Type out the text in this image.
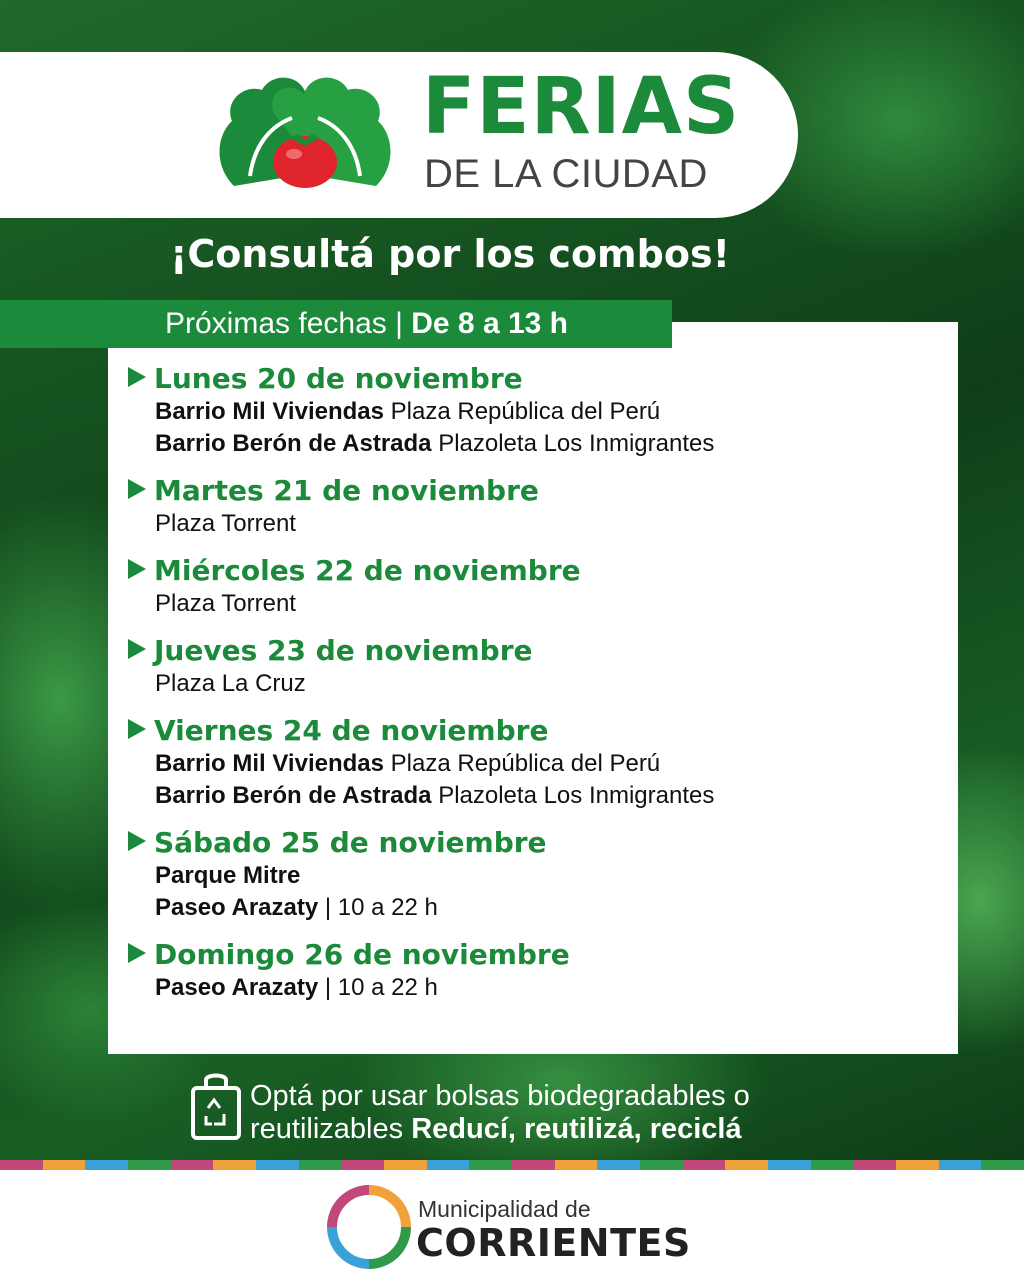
FERIAS
DE LA CIUDAD
¡Consultá por los combos!
Próximas fechas | De 8 a 13 h
Lunes 20 de noviembre
Barrio Mil Viviendas Plaza República del Perú
Barrio Berón de Astrada Plazoleta Los Inmigrantes
Martes 21 de noviembre
Plaza Torrent
Miércoles 22 de noviembre
Plaza Torrent
Jueves 23 de noviembre
Plaza La Cruz
Viernes 24 de noviembre
Barrio Mil Viviendas Plaza República del Perú
Barrio Berón de Astrada Plazoleta Los Inmigrantes
Sábado 25 de noviembre
Parque Mitre
Paseo Arazaty | 10 a 22 h
Domingo 26 de noviembre
Paseo Arazaty | 10 a 22 h
Optá por usar bolsas biodegradables o
reutilizables Reducí, reutilizá, reciclá
Municipalidad de
CORRIENTES
